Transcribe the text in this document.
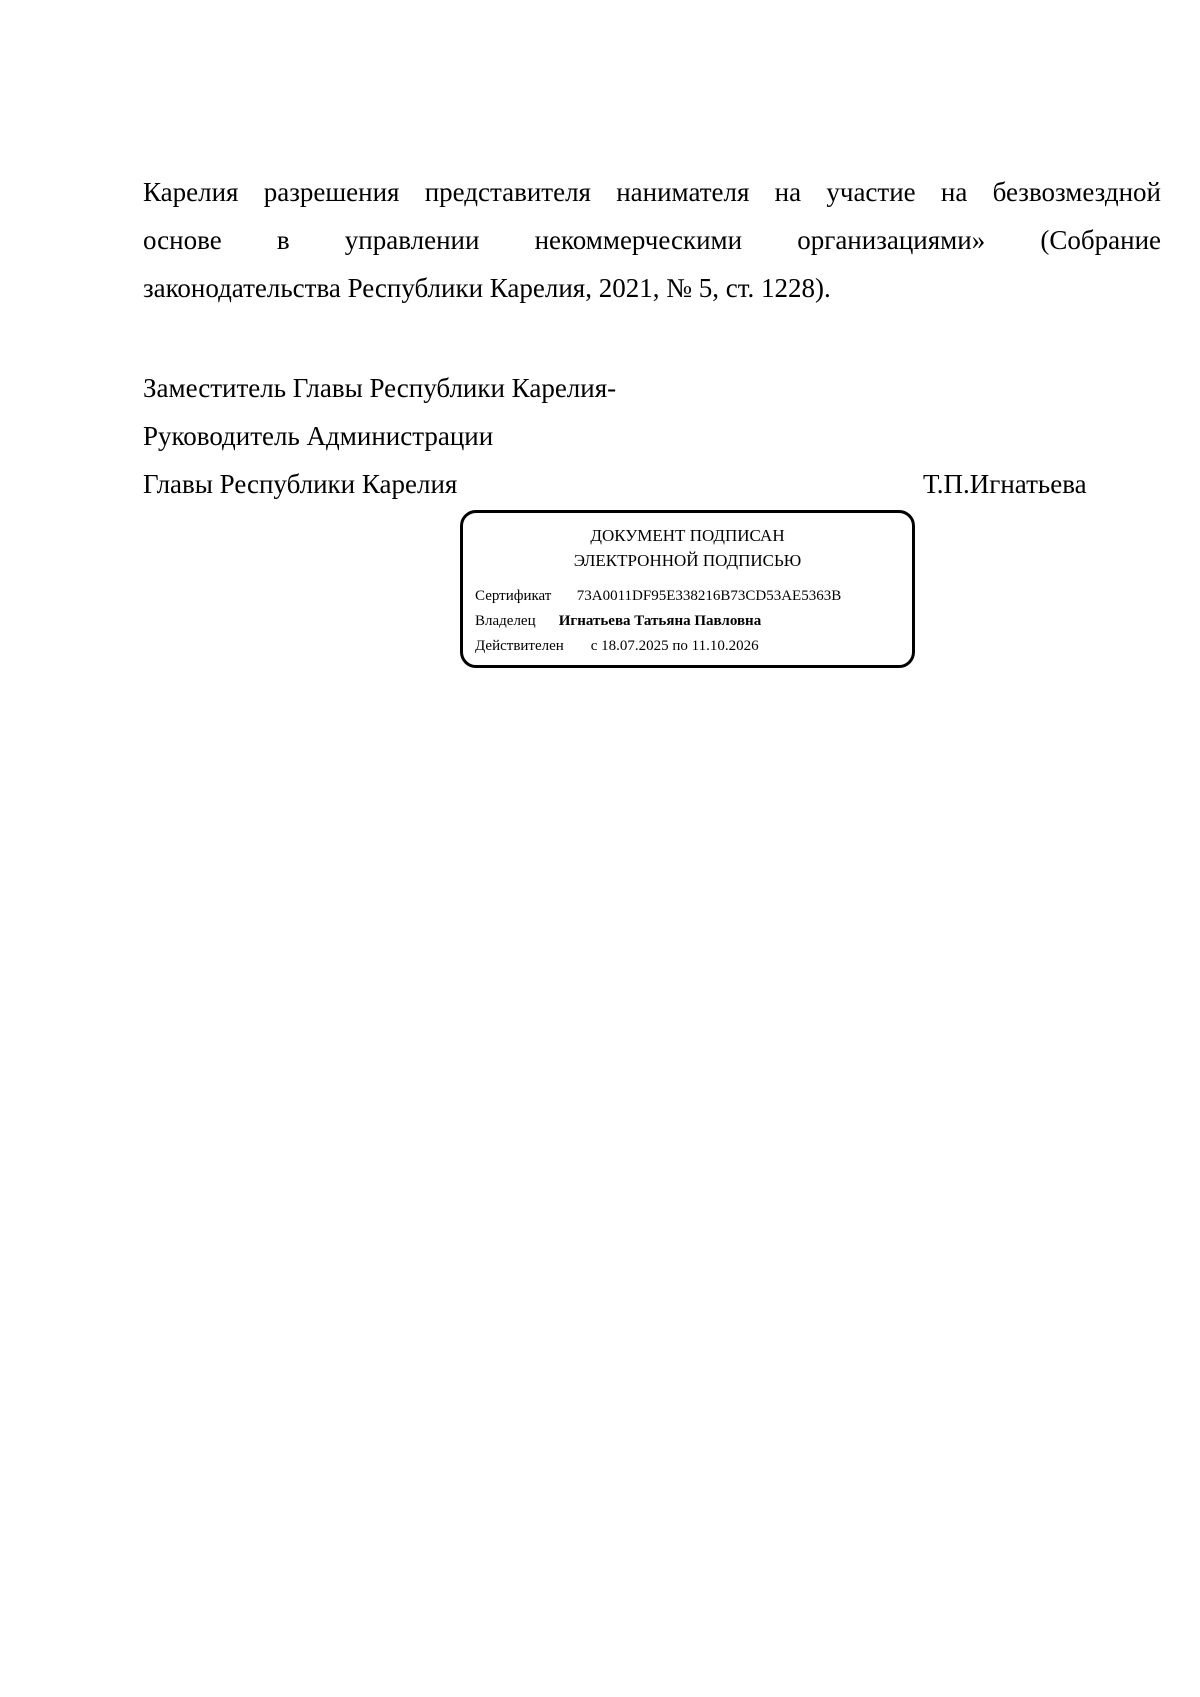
Карелия разрешения представителя нанимателя на участие на безвозмездной
основе в управлении некоммерческими организациями» (Собрание
законодательства Республики Карелия, 2021, № 5, ст. 1228).
Заместитель Главы Республики Карелия-
Руководитель Администрации
Главы Республики Карелия	Т.П.Игнатьева
ДОКУМЕНТ ПОДПИСАН
ЭЛЕКТРОННОЙ ПОДПИСЬЮ
Сертификат 73A0011DF95E338216B73CD53AE5363B
Владелец Игнатьева Татьяна Павловна
Действителен с 18.07.2025 по 11.10.2026
